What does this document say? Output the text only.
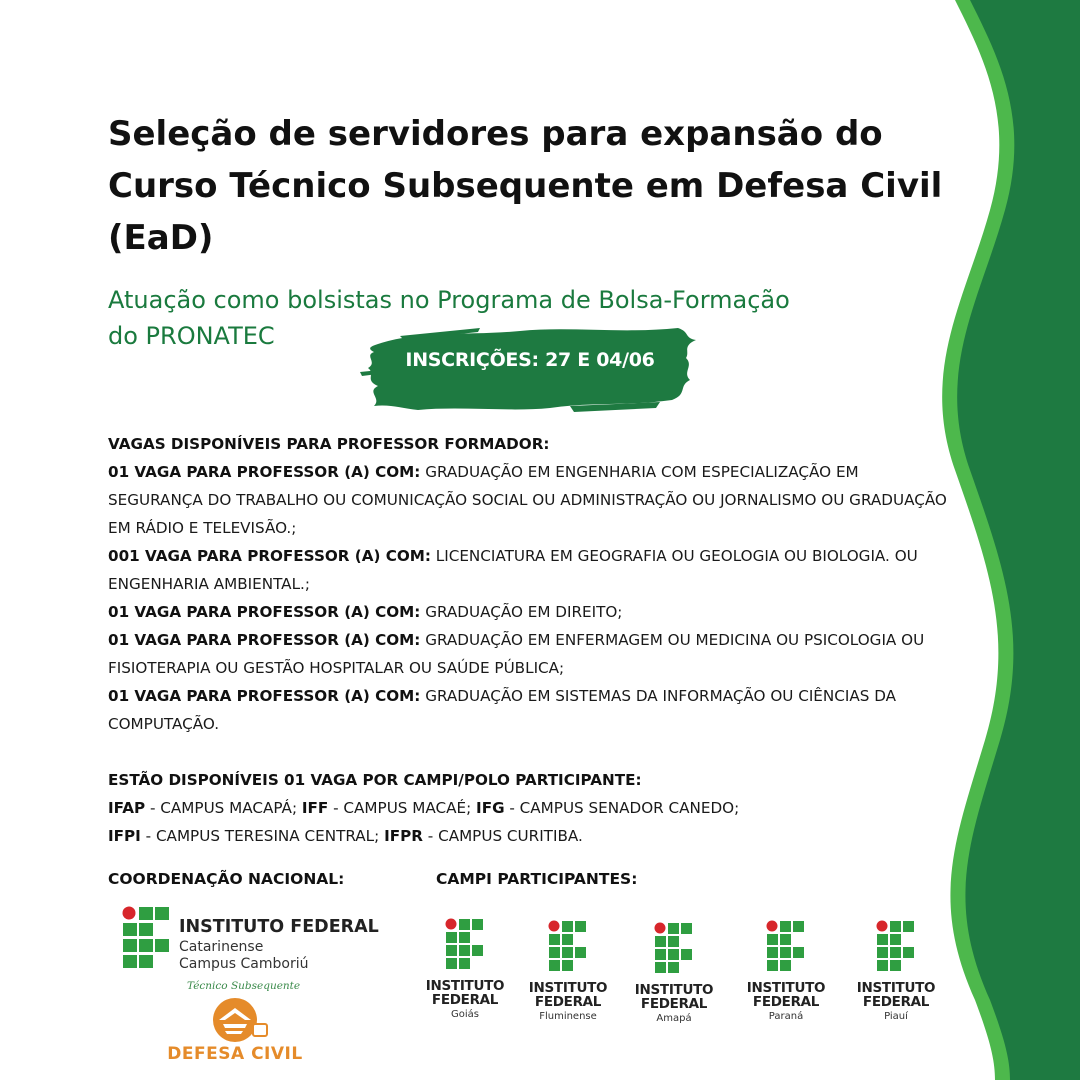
Seleção de servidores para expansão do
Curso Técnico Subsequente em Defesa Civil
(EaD)

Atuação como bolsistas no Programa de Bolsa-Formação
do PRONATEC

INSCRIÇÕES: 27 E 04/06

VAGAS DISPONÍVEIS PARA PROFESSOR FORMADOR:

01 VAGA PARA PROFESSOR (A) COM: GRADUAÇÃO EM ENGENHARIA COM ESPECIALIZAÇÃO EM SEGURANÇA DO TRABALHO OU COMUNICAÇÃO SOCIAL OU ADMINISTRAÇÃO OU JORNALISMO OU GRADUAÇÃO EM RÁDIO E TELEVISÃO.;

001 VAGA PARA PROFESSOR (A) COM: LICENCIATURA EM GEOGRAFIA OU GEOLOGIA OU BIOLOGIA. OU ENGENHARIA AMBIENTAL.;

01 VAGA PARA PROFESSOR (A) COM: GRADUAÇÃO EM DIREITO;

01 VAGA PARA PROFESSOR (A) COM: GRADUAÇÃO EM ENFERMAGEM OU MEDICINA OU PSICOLOGIA OU FISIOTERAPIA OU GESTÃO HOSPITALAR OU SAÚDE PÚBLICA;

01 VAGA PARA PROFESSOR (A) COM: GRADUAÇÃO EM SISTEMAS DA INFORMAÇÃO OU CIÊNCIAS DA COMPUTAÇÃO.

ESTÃO DISPONÍVEIS 01 VAGA POR CAMPI/POLO PARTICIPANTE:

IFAP - CAMPUS MACAPÁ; IFF - CAMPUS MACAÉ; IFG - CAMPUS SENADOR CANEDO;

IFPI - CAMPUS TERESINA CENTRAL; IFPR - CAMPUS CURITIBA.

COORDENAÇÃO NACIONAL:	CAMPI PARTICIPANTES:
INSTITUTO FEDERAL
Catarinense
Campus Camboriú
Técnico Subsequente
DEFESA CIVIL
INSTITUTO
FEDERAL
Goiás
INSTITUTO
FEDERAL
Fluminense
INSTITUTO
FEDERAL
Amapá
INSTITUTO
FEDERAL
Paraná
INSTITUTO
FEDERAL
Piauí
